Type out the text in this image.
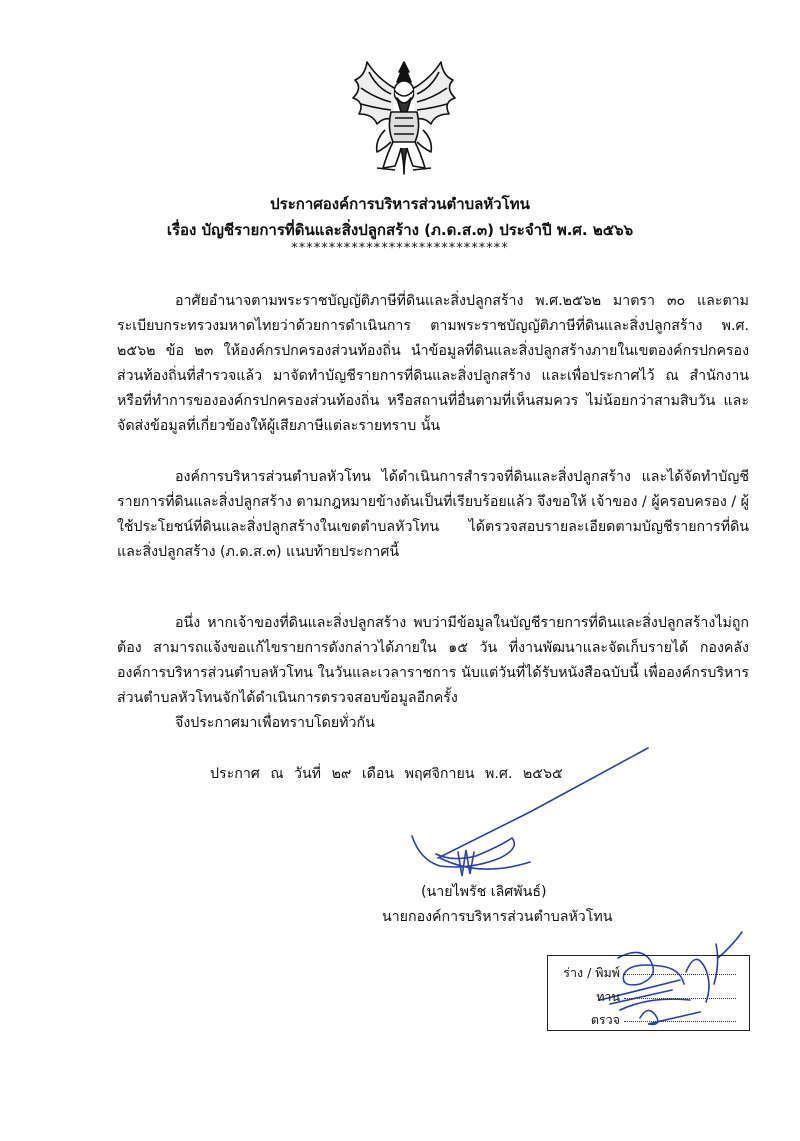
ประกาศองค์การบริหารส่วนตำบลหัวโทน
เรื่อง บัญชีรายการที่ดินและสิ่งปลูกสร้าง (ภ.ด.ส.๓) ประจำปี พ.ศ. ๒๕๖๖
*****************************
อาศัยอำนาจตามพระราชบัญญัติภาษีที่ดินและสิ่งปลูกสร้าง พ.ศ.๒๕๖๒ มาตรา ๓๐ และตามระเบียบกระทรวงมหาดไทยว่าด้วยการดำเนินการ ตามพระราชบัญญัติภาษีที่ดินและสิ่งปลูกสร้าง พ.ศ. ๒๕๖๒ ข้อ ๒๓ ให้องค์กรปกครองส่วนท้องถิ่น นำข้อมูลที่ดินและสิ่งปลูกสร้างภายในเขตองค์กรปกครองส่วนท้องถิ่นที่สำรวจแล้ว มาจัดทำบัญชีรายการที่ดินและสิ่งปลูกสร้าง และเพื่อประกาศไว้ ณ สำนักงาน หรือที่ทำการขององค์กรปกครองส่วนท้องถิ่น หรือสถานที่อื่นตามที่เห็นสมควร ไม่น้อยกว่าสามสิบวัน และจัดส่งข้อมูลที่เกี่ยวข้องให้ผู้เสียภาษีแต่ละรายทราบ นั้น
องค์การบริหารส่วนตำบลหัวโทน ได้ดำเนินการสำรวจที่ดินและสิ่งปลูกสร้าง และได้จัดทำบัญชีรายการที่ดินและสิ่งปลูกสร้าง ตามกฎหมายข้างต้นเป็นที่เรียบร้อยแล้ว จึงขอให้ เจ้าของ / ผู้ครอบครอง / ผู้ใช้ประโยชน์ที่ดินและสิ่งปลูกสร้างในเขตตำบลหัวโทน ได้ตรวจสอบรายละเอียดตามบัญชีรายการที่ดินและสิ่งปลูกสร้าง (ภ.ด.ส.๓) แนบท้ายประกาศนี้
อนึ่ง หากเจ้าของที่ดินและสิ่งปลูกสร้าง พบว่ามีข้อมูลในบัญชีรายการที่ดินและสิ่งปลูกสร้างไม่ถูกต้อง สามารถแจ้งขอแก้ไขรายการดังกล่าวได้ภายใน ๑๕ วัน ที่งานพัฒนาและจัดเก็บรายได้ กองคลัง องค์การบริหารส่วนตำบลหัวโทน ในวันและเวลาราชการ นับแต่วันที่ได้รับหนังสือฉบับนี้ เพื่อองค์กรบริหารส่วนตำบลหัวโทนจักได้ดำเนินการตรวจสอบข้อมูลอีกครั้ง
จึงประกาศมาเพื่อทราบโดยทั่วกัน
ประกาศ ณ วันที่ ๒๙ เดือน พฤศจิกายน พ.ศ. ๒๕๖๕
(นายไพรัช เลิศพันธ์)
นายกองค์การบริหารส่วนตำบลหัวโทน
ร่าง / พิมพ์
ทาน
ตรวจ
